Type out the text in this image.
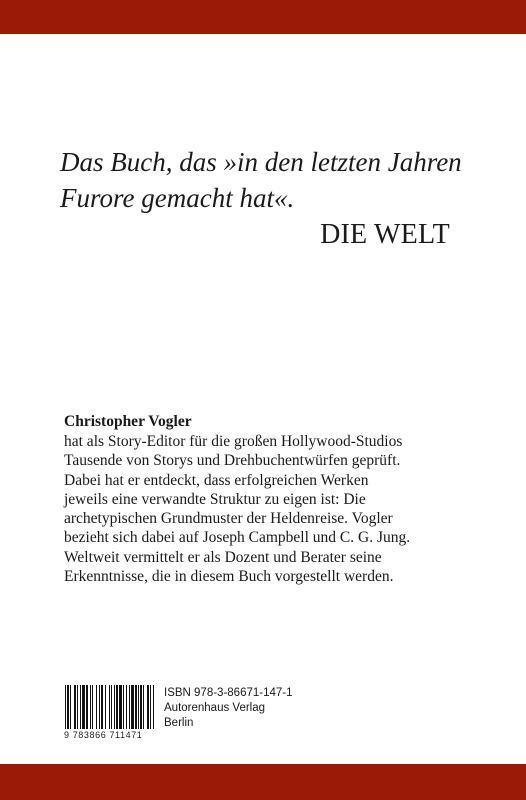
Das Buch, das »in den letzten Jahren
Furore gemacht hat«.

DIE WELT

Christopher Vogler

hat als Story-Editor für die großen Hollywood-Studios
Tausende von Storys und Drehbuchentwürfen geprüft.
Dabei hat er entdeckt, dass erfolgreichen Werken
jeweils eine verwandte Struktur zu eigen ist: Die
archetypischen Grundmuster der Heldenreise. Vogler
bezieht sich dabei auf Joseph Campbell und C. G. Jung.
Weltweit vermittelt er als Dozent und Berater seine
Erkenntnisse, die in diesem Buch vorgestellt werden.

9 783866 711471
ISBN 978-3-86671-147-1
Autorenhaus Verlag
Berlin
